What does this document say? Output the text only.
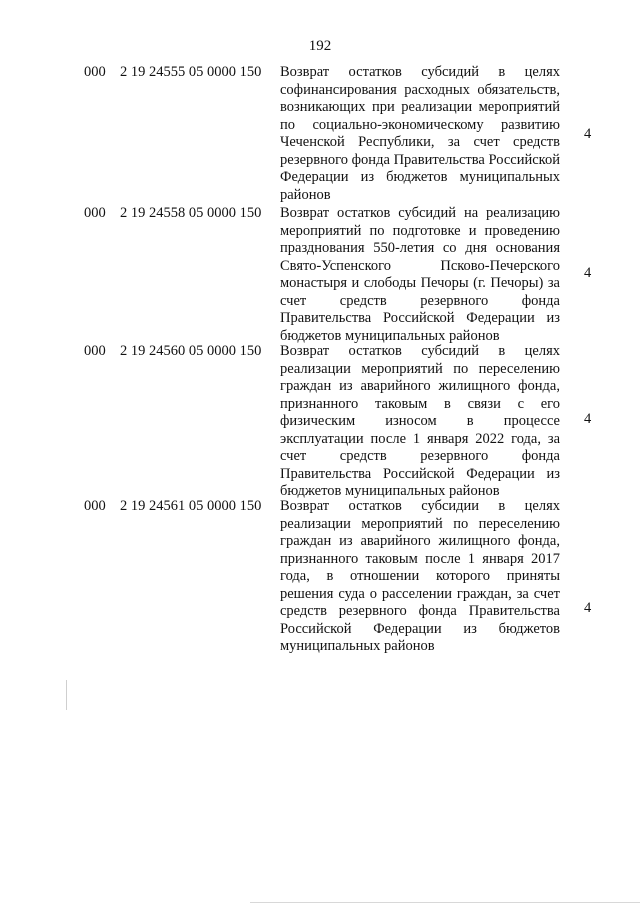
192
000 2 19 24555 05 0000 150 Возврат остатков субсидий в целях софинансирования расходных обязательств, возникающих при реализации мероприятий по социально-экономическому развитию Чеченской Республики, за счет средств резервного фонда Правительства Российской Федерации из бюджетов муниципальных районов
4
000 2 19 24558 05 0000 150 Возврат остатков субсидий на реализацию мероприятий по подготовке и проведению празднования 550-летия со дня основания Свято-Успенского Псково-Печерского монастыря и слободы Печоры (г. Печоры) за счет средств резервного фонда Правительства Российской Федерации из бюджетов муниципальных районов
4
000 2 19 24560 05 0000 150 Возврат остатков субсидий в целях реализации мероприятий по переселению граждан из аварийного жилищного фонда, признанного таковым в связи с его физическим износом в процессе эксплуатации после 1 января 2022 года, за счет средств резервного фонда Правительства Российской Федерации из бюджетов муниципальных районов
4
000 2 19 24561 05 0000 150 Возврат остатков субсидии в целях реализации мероприятий по переселению граждан из аварийного жилищного фонда, признанного таковым после 1 января 2017 года, в отношении которого приняты решения суда о расселении граждан, за счет средств резервного фонда Правительства Российской Федерации из бюджетов муниципальных районов
4
